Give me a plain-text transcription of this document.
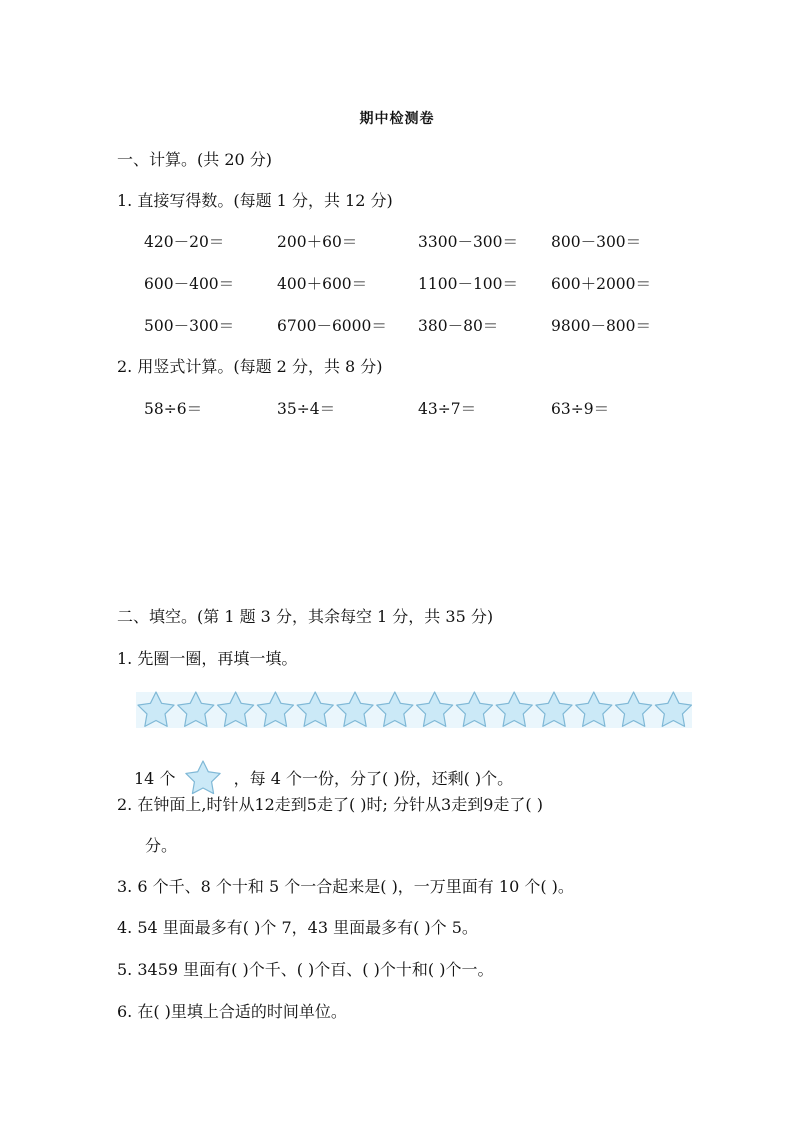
期中检测卷
一、计算。(共 20 分)
1. 直接写得数。(每题 1 分，共 12 分)
420－20＝	200＋60＝	3300－300＝ 800－300＝
600－400＝	400＋600＝	1100－100＝ 600＋2000＝
500－300＝	6700－6000＝ 380－80＝	9800－800＝
2. 用竖式计算。(每题 2 分，共 8 分)
58÷6＝	35÷4＝	43÷7＝	63÷9＝
二、填空。(第 1 题 3 分，其余每空 1 分，共 35 分)
1. 先圈一圈，再填一填。
14 个	，每 4 个一份，分了( )份，还剩( )个。
2. 在钟面上,时针从12走到5走了( )时; 分针从3走到9走了( )
分。
3. 6 个千、8 个十和 5 个一合起来是( )，一万里面有 10 个( )。
4. 54 里面最多有( )个 7，43 里面最多有( )个 5。
5. 3459 里面有( )个千、( )个百、( )个十和( )个一。
6. 在( )里填上合适的时间单位。
